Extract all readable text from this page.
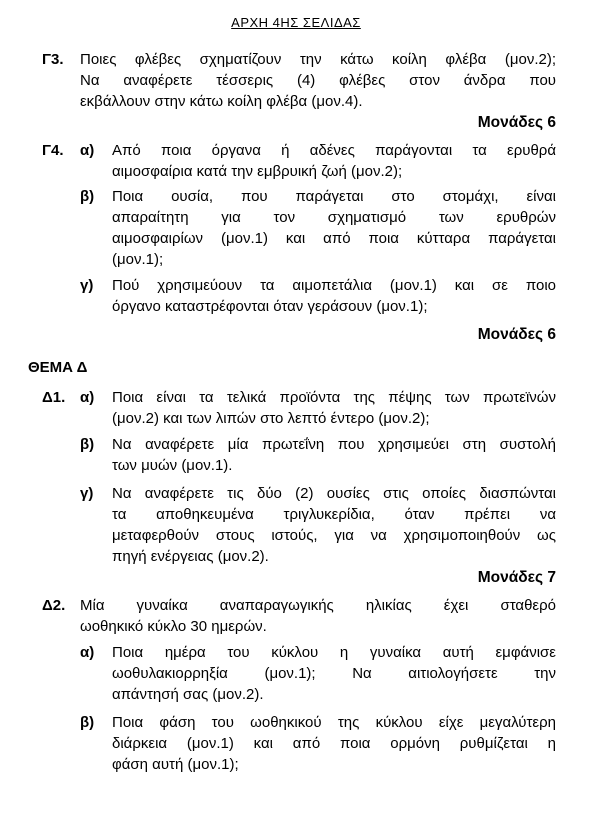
ΑΡΧΗ 4ΗΣ ΣΕΛΙΔΑΣ
Γ3. Ποιες φλέβες σχηματίζουν την κάτω κοίλη φλέβα (μον.2);
Να αναφέρετε τέσσερις (4) φλέβες στον άνδρα που
εκβάλλουν στην κάτω κοίλη φλέβα (μον.4).
Μονάδες 6
Γ4. α) Από ποια όργανα ή αδένες παράγονται τα ερυθρά
αιμοσφαίρια κατά την εμβρυική ζωή (μον.2);
β) Ποια ουσία, που παράγεται στο στομάχι, είναι
απαραίτητη για τον σχηματισμό των ερυθρών
αιμοσφαιρίων (μον.1) και από ποια κύτταρα παράγεται
(μον.1);
γ) Πού χρησιμεύουν τα αιμοπετάλια (μον.1) και σε ποιο
όργανο καταστρέφονται όταν γεράσουν (μον.1);
Μονάδες 6
ΘΕΜΑ Δ
Δ1. α) Ποια είναι τα τελικά προϊόντα της πέψης των πρωτεϊνών
(μον.2) και των λιπών στο λεπτό έντερο (μον.2);
β) Να αναφέρετε μία πρωτεΐνη που χρησιμεύει στη συστολή
των μυών (μον.1).
γ) Να αναφέρετε τις δύο (2) ουσίες στις οποίες διασπώνται
τα αποθηκευμένα τριγλυκερίδια, όταν πρέπει να
μεταφερθούν στους ιστούς, για να χρησιμοποιηθούν ως
πηγή ενέργειας (μον.2).
Μονάδες 7
Δ2. Μία γυναίκα αναπαραγωγικής ηλικίας έχει σταθερό
ωοθηκικό κύκλο 30 ημερών.
α) Ποια ημέρα του κύκλου η γυναίκα αυτή εμφάνισε
ωοθυλακιορρηξία (μον.1); Να αιτιολογήσετε την
απάντησή σας (μον.2).
β) Ποια φάση του ωοθηκικού της κύκλου είχε μεγαλύτερη
διάρκεια (μον.1) και από ποια ορμόνη ρυθμίζεται η
φάση αυτή (μον.1);
